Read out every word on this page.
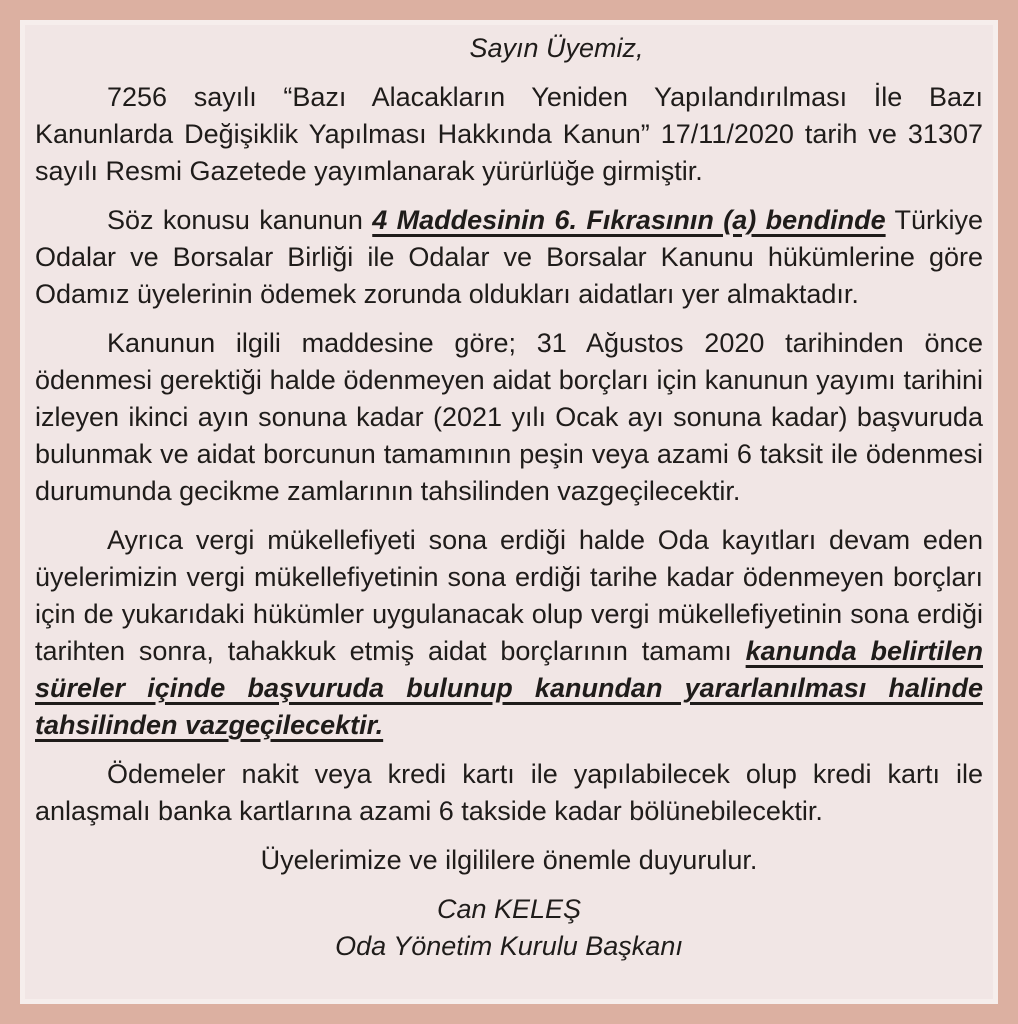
Sayın Üyemiz,

7256 sayılı “Bazı Alacakların Yeniden Yapılandırılması İle Bazı Kanunlarda Değişiklik Yapılması Hakkında Kanun” 17/11/2020 tarih ve 31307 sayılı Resmi Gazetede yayımlanarak yürürlüğe girmiştir.

Söz konusu kanunun 4 Maddesinin 6. Fıkrasının (a) bendinde Türkiye Odalar ve Borsalar Birliği ile Odalar ve Borsalar Kanunu hükümlerine göre Odamız üyelerinin ödemek zorunda oldukları aidatları yer almaktadır.

Kanunun ilgili maddesine göre; 31 Ağustos 2020 tarihinden önce ödenmesi gerektiği halde ödenmeyen aidat borçları için kanunun yayımı tarihini izleyen ikinci ayın sonuna kadar (2021 yılı Ocak ayı sonuna kadar) başvuruda bulunmak ve aidat borcunun tamamının peşin veya azami 6 taksit ile ödenmesi durumunda gecikme zamlarının tahsilinden vazgeçilecektir.

Ayrıca vergi mükellefiyeti sona erdiği halde Oda kayıtları devam eden üyelerimizin vergi mükellefiyetinin sona erdiği tarihe kadar ödenmeyen borçları için de yukarıdaki hükümler uygulanacak olup vergi mükellefiyetinin sona erdiği tarihten sonra, tahakkuk etmiş aidat borçlarının tamamı kanunda belirtilen süreler içinde başvuruda bulunup kanundan yararlanılması halinde tahsilinden vazgeçilecektir.

Ödemeler nakit veya kredi kartı ile yapılabilecek olup kredi kartı ile anlaşmalı banka kartlarına azami 6 takside kadar bölünebilecektir.

Üyelerimize ve ilgililere önemle duyurulur.

Can KELEŞ

Oda Yönetim Kurulu Başkanı
